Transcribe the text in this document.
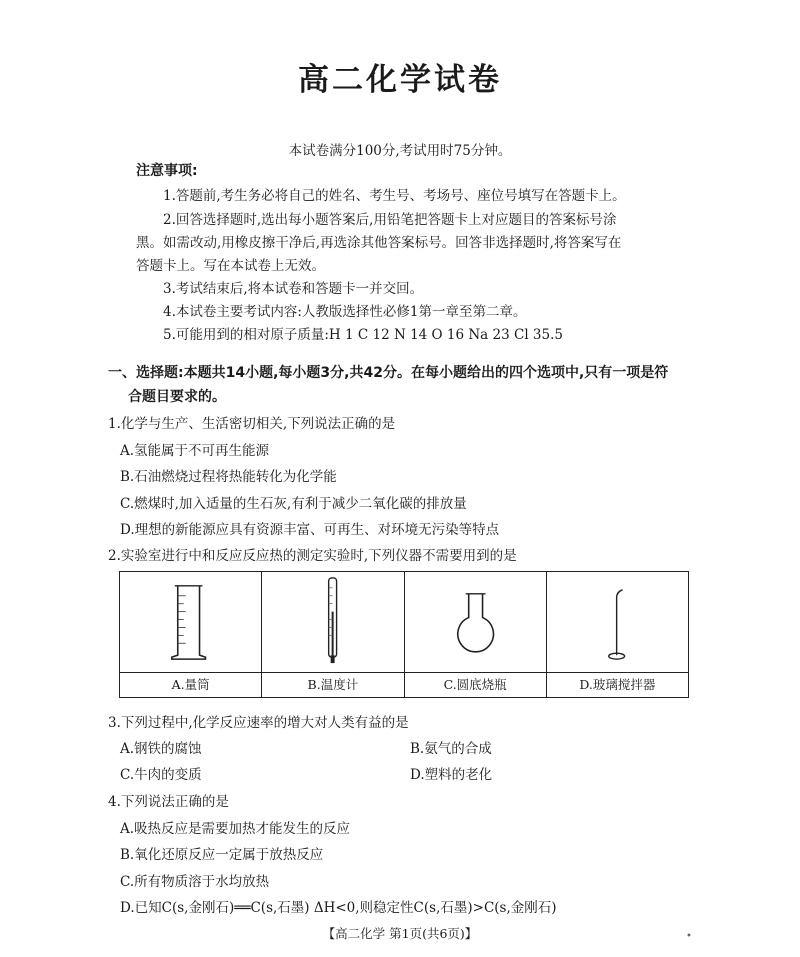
高二化学试卷
本试卷满分100分,考试用时75分钟。
注意事项:
1.答题前,考生务必将自己的姓名、考生号、考场号、座位号填写在答题卡上。
2.回答选择题时,选出每小题答案后,用铅笔把答题卡上对应题目的答案标号涂
黑。如需改动,用橡皮擦干净后,再选涂其他答案标号。回答非选择题时,将答案写在
答题卡上。写在本试卷上无效。
3.考试结束后,将本试卷和答题卡一并交回。
4.本试卷主要考试内容:人教版选择性必修1第一章至第二章。
5.可能用到的相对原子质量:H 1 C 12 N 14 O 16 Na 23 Cl 35.5
一、选择题:本题共14小题,每小题3分,共42分。在每小题给出的四个选项中,只有一项是符
合题目要求的。
1.化学与生产、生活密切相关,下列说法正确的是
A.氢能属于不可再生能源
B.石油燃烧过程将热能转化为化学能
C.燃煤时,加入适量的生石灰,有利于减少二氧化碳的排放量
D.理想的新能源应具有资源丰富、可再生、对环境无污染等特点
2.实验室进行中和反应反应热的测定实验时,下列仪器不需要用到的是
A.量筒	B.温度计	C.圆底烧瓶	D.玻璃搅拌器
3.下列过程中,化学反应速率的增大对人类有益的是
A.钢铁的腐蚀	B.氨气的合成
C.牛肉的变质	D.塑料的老化
4.下列说法正确的是
A.吸热反应是需要加热才能发生的反应
B.氧化还原反应一定属于放热反应
C.所有物质溶于水均放热
D.已知C(s,金刚石)══C(s,石墨) ΔH<0,则稳定性C(s,石墨)>C(s,金刚石)
【高二化学 第1页(共6页)】	•
